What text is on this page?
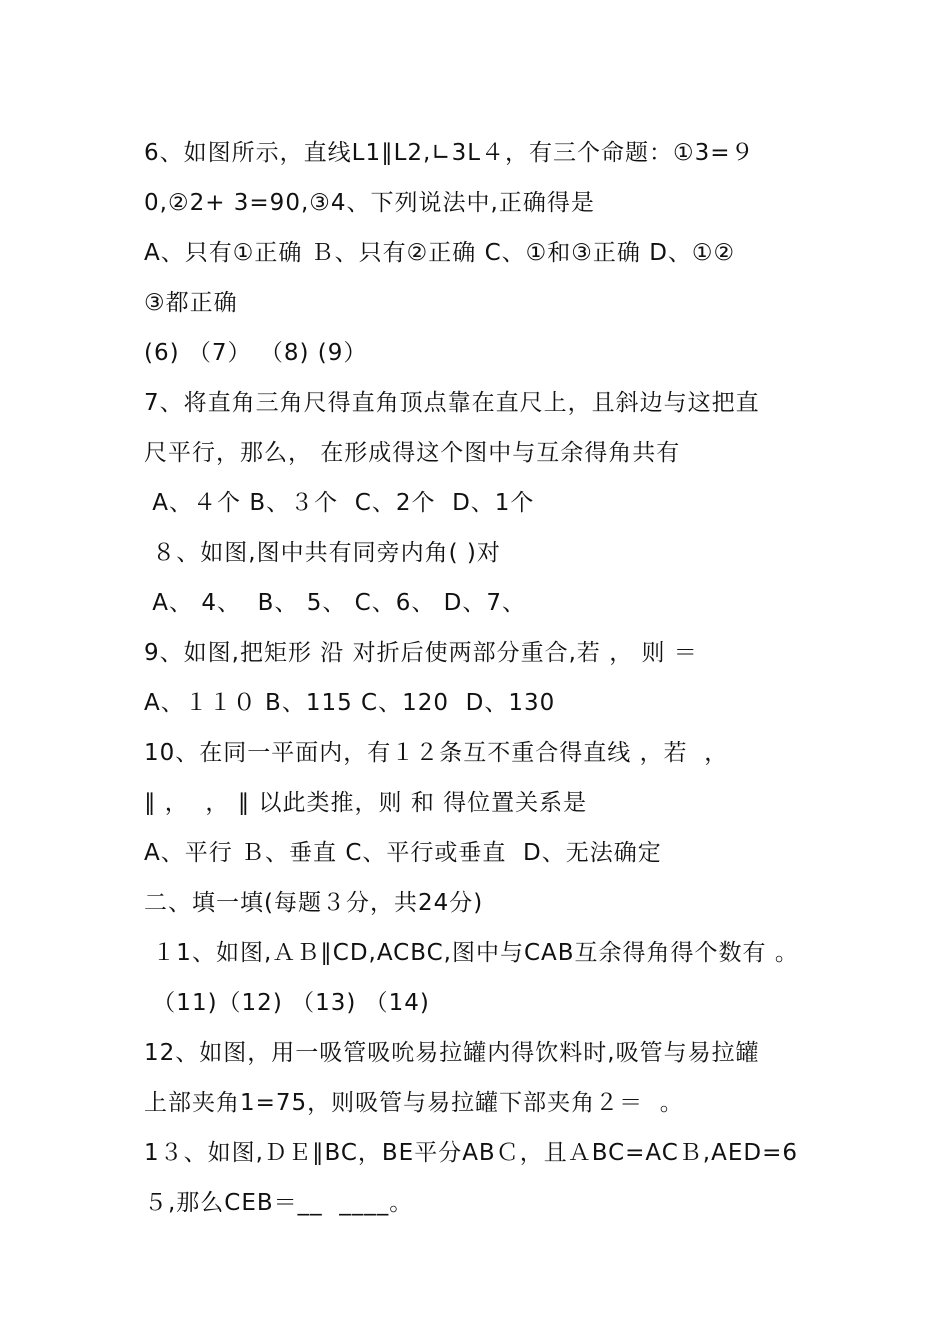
6、如图所示，直线L1∥L2,∟3L４，有三个命题：①3=９
0,②2+ 3=90,③4、下列说法中,正确得是
A、只有①正确 Ｂ、只有②正确 C、①和③正确 D、①②
③都正确
(6) （7） （8) (9）
7、将直角三角尺得直角顶点靠在直尺上，且斜边与这把直
尺平行，那么， 在形成得这个图中与互余得角共有
A、４个 B、３个  C、2个  D、1个
８、如图,图中共有同旁内角( )对
A、 4、  B、 5、 C、6、 D、7、
9、如图,把矩形 沿 对折后使两部分重合,若 ， 则 ＝
A、１１０ B、115 C、120  D、130
10、在同一平面内，有１２条互不重合得直线 ，若  ，
∥ ，  ， ∥ 以此类推，则 和 得位置关系是
A、平行 Ｂ、垂直 C、平行或垂直  D、无法确定
二、填一填(每题３分，共24分)
１1、如图,ＡＢ∥CD,ACBC,图中与CAB互余得角得个数有 。
（11)（12) （13) （14)
12、如图，用一吸管吸吮易拉罐内得饮料时,吸管与易拉罐
上部夹角1=75，则吸管与易拉罐下部夹角２＝  。
1３、如图,ＤＥ∥BC，BE平分ABＣ，且ＡBC=ACＢ,AED=6
５,那么CEB＝__  ____。
